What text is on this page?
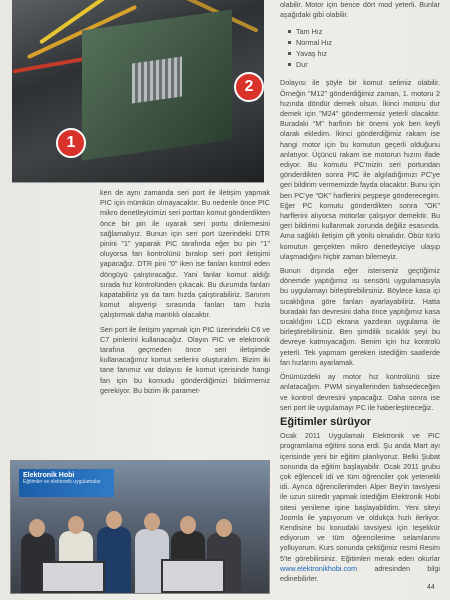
1
2

olabilir. Motor için bence dört mod yeterli. Bunlar aşağıdaki gibi olabilir.

Tam Hız
Normal Hız
Yavaş hız
Dur

Dolayısı ile şöyle bir komut setimiz olabilir. Örneğin "M12" gönderdiğimiz zaman, 1. motoru 2 hızında döndür demek olsun. İkinci motoru dur demek için "M24" göndermemiz yeterli olacaktır. Buradaki "M" harfinin bir önemi yok ben keyfi olarak ekledim. İkinci gönderdiğimiz rakam ise hangi motor için bu komutun geçerli olduğunu anlatıyor. Üçüncü rakam ise motorun hızını ifade ediyor. Bu komutu PC'mizin seri portundan gönderdikten sonra PIC ile algıladığımızı PC'ye geri bildirim vermemizde fayda olacaktır. Bunu için ben PC'ye "OK" harflerini peşpeşe gönderecegim. Eğer PC komutu gönderdikten sonra "OK" harflerini alıyorsa motorlar çalışıyor demektir. Bu geri bildirimi kullanmak zorunda değiliz esasında. Ama sağlıklı iletişim çift yönlü olmalıdır. Öbür türlü komutun gerçekten mikro denetleyiciye ulaşıp ulaşmadığını hiçbir zaman bilemeyiz.

Bunun dışında eğer isterseniz geçtiğimiz dönemde yaptığımız ısı sensörü uygulamasıyla bu uygulamayı birleştirebilirsiniz. Böylece kasa içi sıcaklığına göre fanları ayarlayabiliriz. Hatta buradaki fan devresini daha önce yaptığımız kasa sıcaklığını LCD ekrana yazdıran uygulama ile birleştirebilirsiniz. Ben şimdilik sıcaklık şeyi bu devreye katmıyacağım. Benim için hız kontrolü yeterli. Tek yapmam gereken istediğim saatlerde fan hızlarını ayarlamak.

Önümüzdeki ay motor hız kontrolünü size anlatacağım. PWM sinyallerinden bahsedeceğim ve kontrol devresini yapacağız. Daha sonra ise seri port ile uygulamayı PC ile haberleştireceğiz.

Eğitimler sürüyor

Ocak 2011 Uygulamalı Elektronik ve PIC programlama eğitimi sona erdi. Şu anda Mart ayı içerisinde yeni bir eğitim planlıyoruz. Belki Şubat sonunda da eğitim başlayabilir. Ocak 2011 grubu çok eğlenceli idi ve tüm öğrenciler çok yetenekli idi. Ayrıca öğrencilerimden Alper Bey'in tavsiyesi ile uzun süredir yapmak istediğim Elektronik Hobi sitesi yenileme işine başlayabildim. Yeni siteyi Joomla ile yapıyorum ve oldukça hızlı ilerliyor. Kendisine bu konudaki tavsiyesi için teşekkür ediyorum ve tüm öğrencilerime selamlarımı yolluyorum. Kurs sonunda çektiğimiz resmi Resim 5'te görebilirsiniz. Eğitimleri merak eden okurlar www.elektronikhobi.com adresinden bilgi edinebilirler.

ken de aynı zamanda seri port ile iletişim yapmak PIC için mümkün olmayacaktır. Bu nedenle önce PIC mikro denetleyicimizi seri porttan komut gönderdikten önce bir pin ile uyarak seri portu dinlemesini sağlamalıyız. Bunun için seri port üzerindeki DTR pinini "1" yaparak PIC tarafında eğer bu pin "1" oluyorsa fan kontrolünü bırakıp seri port iletişimi yapacağız. DTR pini "0" iken ise fanları kontrol eden döngüyü çalıştıracağız. Yani fanlar komut aldığı sırada hız kontrolünden çıkacak. Bu durumda fanları kapatabiliriz ya da tam hızda çalıştırabiliriz. Sanırım komut alışverişi sırasında fanları tam hızla çalıştırmak daha mantıklı olacaktır.

Seri port ile iletişim yapmak için PIC üzerindeki C6 ve C7 pinlerini kullanacağız. Olayın PIC ve elektronik tarafına geçmeden önce seri iletişimde kullanacağımız komut setlerini oluşturalım. Bizim iki tane fanımız var dolayısı ile komut içerisinde hangi fan için bu komudu gönderdiğimizi bildirmemiz gerekiyor. Bu bizim ilk paramet-

Elektronik Hobi
Eğitimler ve elektronik uygulamalar
44
